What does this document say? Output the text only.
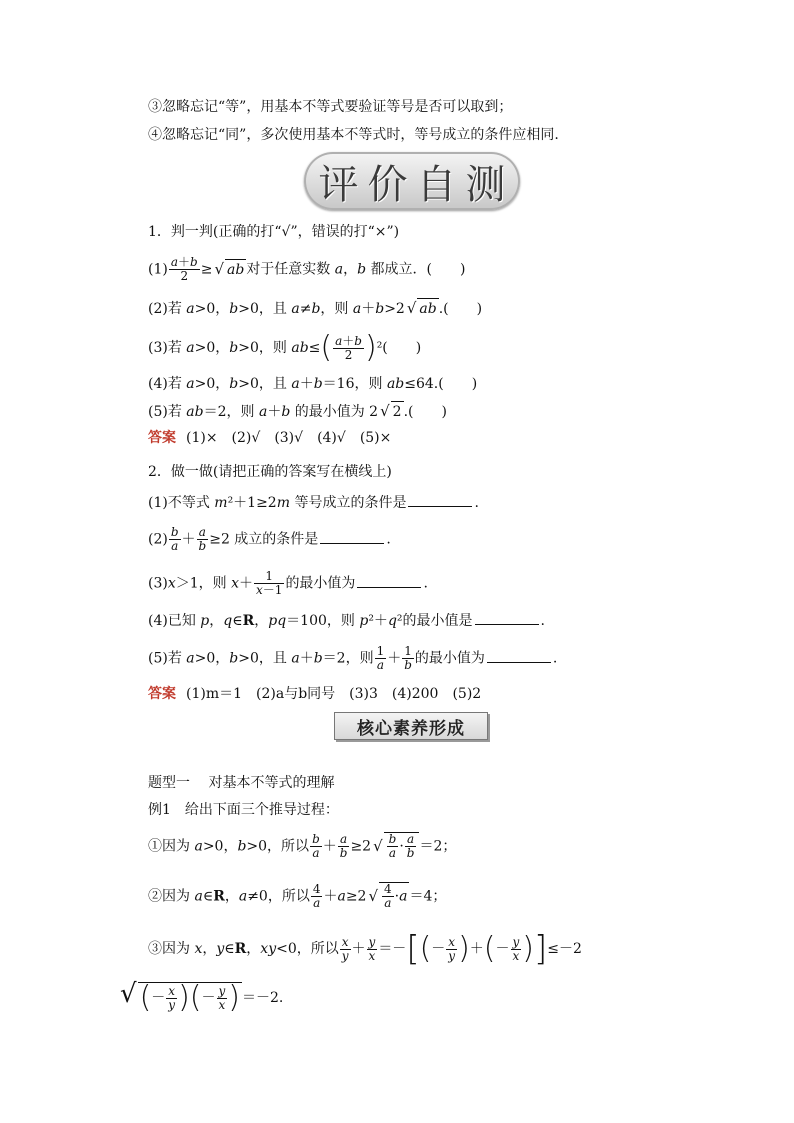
③忽略忘记“等”，用基本不等式要验证等号是否可以取到；
④忽略忘记“同”，多次使用基本不等式时，等号成立的条件应相同.
评 价 自 测
1．判一判(正确的打“√”，错误的打“×”)
$(1) \frac{a+b}{2}$ ≥ √ ab 对于任意实数 a，b 都成立．(　　)
(2)若 a>0，b>0，且 a≠b，则 a＋b>2 √ ab .(　　)
(3)若 a>0，b>0，则 $ab\le( \frac{a+b}{2} )^2$(　　)
(4)若 a>0，b>0，且 a＋b＝16，则 ab≤64.(　　)
(5)若 ab＝2，则 a＋b 的最小值为 2 √ 2 .(　　)
答案 (1)×　(2)√　(3)√　(4)√　(5)×
2．做一做(请把正确的答案写在横线上)
(1)不等式 m²＋1≥2m 等号成立的条件是	.
$(2) \frac{b}{a} + \frac{a}{b} \ge 2$ 成立的条件是	.
(3)x＞1，则 $x+ \frac{1}{x-1}$ 的最小值为	.
(4)已知 p，q∈R，pq＝100，则 p²＋q²的最小值是	.
(5)若 a>0，b>0，且 a＋b＝2，则 $\frac{1}{a} + \frac{1}{b}$ 的最小值为	.
答案 (1)m＝1　(2)a与b同号　(3)3　(4)200　(5)2
核心素养形成
题型一　 对基本不等式的理解
例1　给出下面三个推导过程：
①因为 a>0，b>0，所以 $\frac{b}{a} + \frac{a}{b} \ge 2$ √ $\frac{b}{a} \cdot \frac{a}{b} =2$；
②因为 a∈R，a≠0，所以 $\frac{4}{a} +a\ge 2$ √ $\frac{4}{a} \cdot a =4$；
③因为 x，y∈R，xy<0，所以 $\frac{x}{y} + \frac{y}{x}$ ＝－[(－ $\frac{x}{y}$ )＋(－ $\frac{y}{x} )]\le-2$
√ (－ $\frac{x}{y}$ )(－ $\frac{y}{x}$ ) ＝－2.
